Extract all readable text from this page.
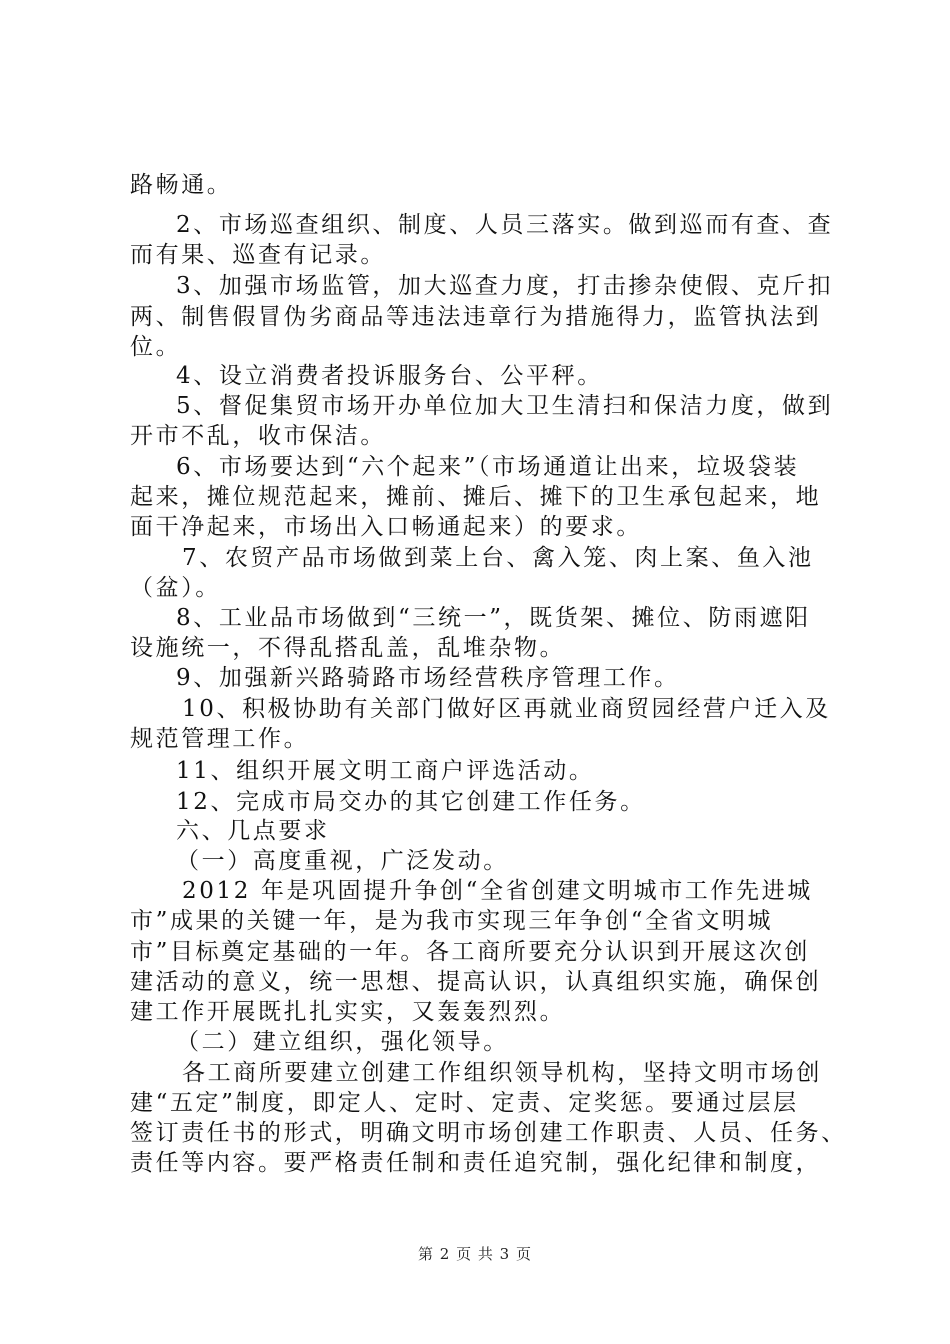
路畅通。
2、市场巡查组织、制度、人员三落实。做到巡而有查、查
而有果、巡查有记录。
3、加强市场监管，加大巡查力度，打击掺杂使假、克斤扣
两、制售假冒伪劣商品等违法违章行为措施得力，监管执法到
位。
4、设立消费者投诉服务台、公平秤。
5、督促集贸市场开办单位加大卫生清扫和保洁力度，做到
开市不乱，收市保洁。
6、市场要达到“六个起来”（市场通道让出来，垃圾袋装
起来，摊位规范起来，摊前、摊后、摊下的卫生承包起来，地
面干净起来，市场出入口畅通起来）的要求。
7、农贸产品市场做到菜上台、禽入笼、肉上案、鱼入池
（盆）。
8、工业品市场做到“三统一”，既货架、摊位、防雨遮阳
设施统一，不得乱搭乱盖，乱堆杂物。
9、加强新兴路骑路市场经营秩序管理工作。
10、积极协助有关部门做好区再就业商贸园经营户迁入及
规范管理工作。
11、组织开展文明工商户评选活动。
12、完成市局交办的其它创建工作任务。
六、几点要求
（一）高度重视，广泛发动。
2012 年是巩固提升争创“全省创建文明城市工作先进城
市”成果的关键一年，是为我市实现三年争创“全省文明城
市”目标奠定基础的一年。各工商所要充分认识到开展这次创
建活动的意义，统一思想、提高认识，认真组织实施，确保创
建工作开展既扎扎实实，又轰轰烈烈。
（二）建立组织，强化领导。
各工商所要建立创建工作组织领导机构，坚持文明市场创
建“五定”制度，即定人、定时、定责、定奖惩。要通过层层
签订责任书的形式，明确文明市场创建工作职责、人员、任务、
责任等内容。要严格责任制和责任追究制，强化纪律和制度，
第 2 页 共 3 页
